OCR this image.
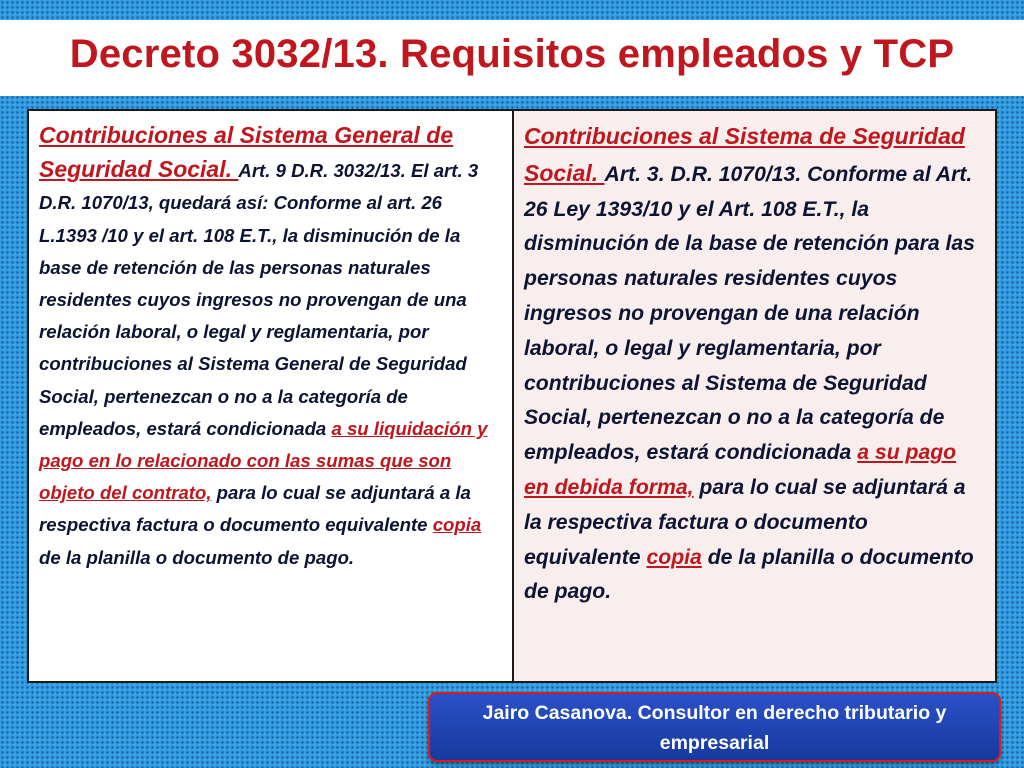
Decreto 3032/13. Requisitos empleados y TCP
Contribuciones al Sistema General de Seguridad Social. Art. 9 D.R. 3032/13. El art. 3 D.R. 1070/13, quedará así: Conforme al art. 26 L.1393 /10 y el art. 108 E.T., la disminución de la base de retención de las personas naturales residentes cuyos ingresos no provengan de una relación laboral, o legal y reglamentaria, por contribuciones al Sistema General de Seguridad Social, pertenezcan o no a la categoría de empleados, estará condicionada a su liquidación y pago en lo relacionado con las sumas que son objeto del contrato, para lo cual se adjuntará a la respectiva factura o documento equivalente copia de la planilla o documento de pago.
Contribuciones al Sistema de Seguridad Social. Art. 3. D.R. 1070/13. Conforme al Art. 26 Ley 1393/10 y el Art. 108 E.T., la disminución de la base de retención para las personas naturales residentes cuyos ingresos no provengan de una relación laboral, o legal y reglamentaria, por contribuciones al Sistema de Seguridad Social, pertenezcan o no a la categoría de empleados, estará condicionada a su pago en debida forma, para lo cual se adjuntará a la respectiva factura o documento equivalente copia de la planilla o documento de pago.
Jairo Casanova. Consultor en derecho tributario y empresarial
